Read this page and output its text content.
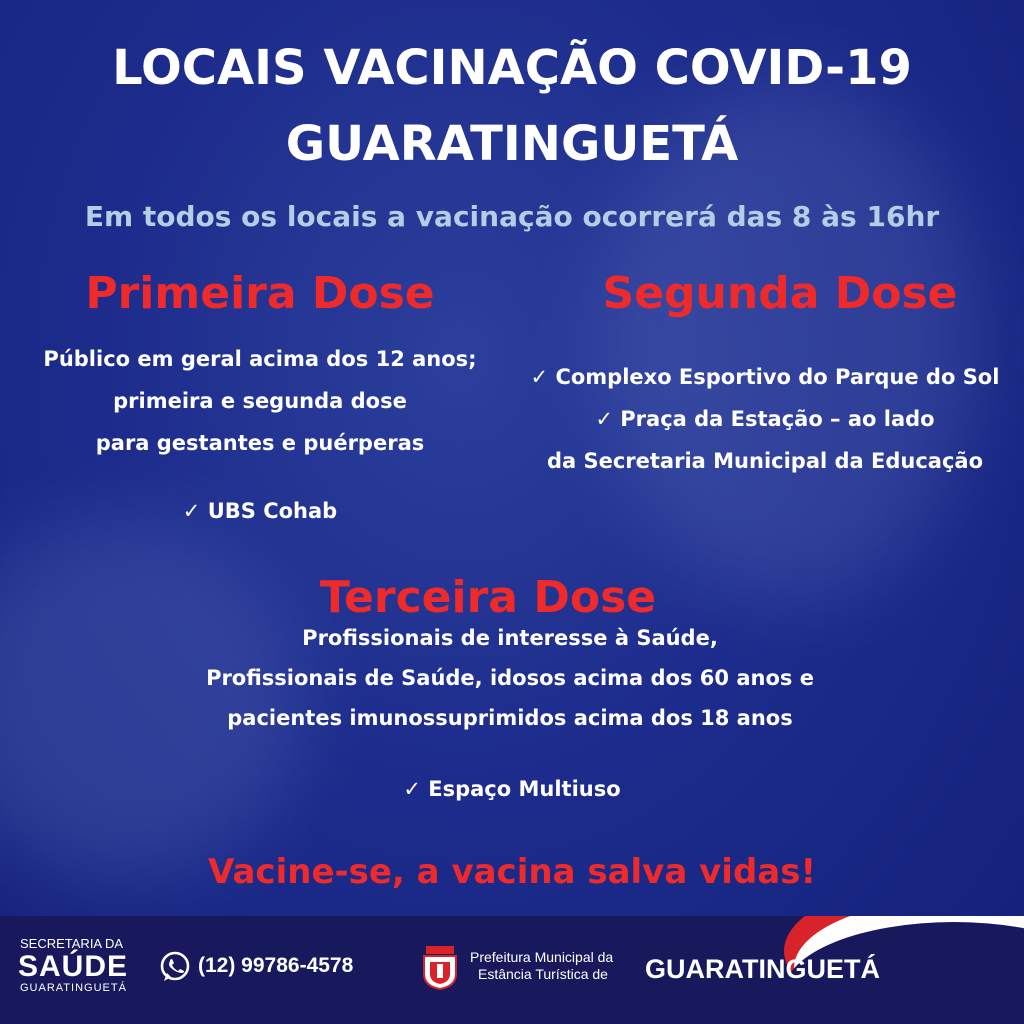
LOCAIS VACINAÇÃO COVID-19
GUARATINGUETÁ
Em todos os locais a vacinação ocorrerá das 8 às 16hr
Primeira Dose
Público em geral acima dos 12 anos;
primeira e segunda dose
para gestantes e puérperas
✓ UBS Cohab
Segunda Dose
✓ Complexo Esportivo do Parque do Sol
✓ Praça da Estação – ao lado
da Secretaria Municipal da Educação
Terceira Dose
Profissionais de interesse à Saúde,
Profissionais de Saúde, idosos acima dos 60 anos e
pacientes imunossuprimidos acima dos 18 anos
✓ Espaço Multiuso
Vacine-se, a vacina salva vidas!
SECRETARIA DA
SAÚDE
GUARATINGUETÁ
(12) 99786-4578	Prefeitura Municipal da
Estância Turística de GUARATINGUETÁ
